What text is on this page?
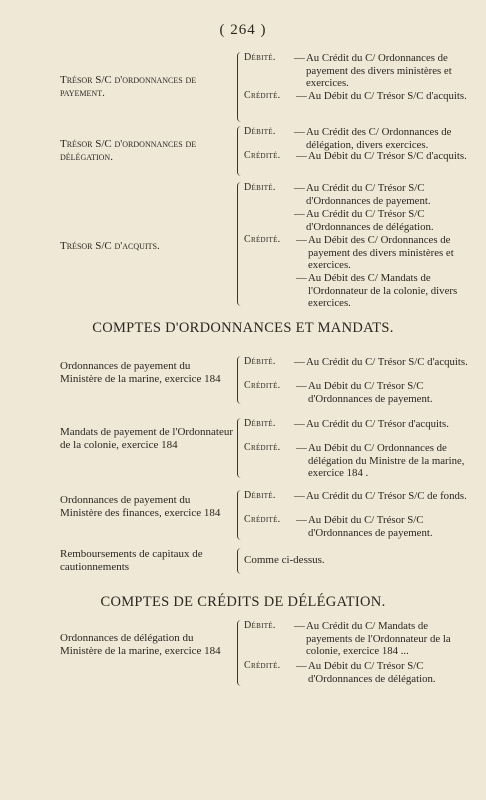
( 264 )
Trésor S/C d'ordonnances de payement.
Débité. — Au Crédit du C/ Ordonnances de payement des divers ministères et exercices.
Crédité. — Au Débit du C/ Trésor S/C d'acquits.
Trésor S/C d'ordonnances de délégation.
Débité. — Au Crédit des C/ Ordonnances de délégation, divers exercices.
Crédité. — Au Débit du C/ Trésor S/C d'acquits.
Trésor S/C d'acquits.
Débité. — Au Crédit du C/ Trésor S/C d'Ordonnances de payement.
— Au Crédit du C/ Trésor S/C d'Ordonnances de délégation.
Crédité. — Au Débit des C/ Ordonnances de payement des divers ministères et exercices.
— Au Débit des C/ Mandats de l'Ordonnateur de la colonie, divers exercices.
COMPTES D'ORDONNANCES ET MANDATS.
Ordonnances de payement du Ministère de la marine, exercice 184
Débité. — Au Crédit du C/ Trésor S/C d'acquits.
Crédité. — Au Débit du C/ Trésor S/C d'Ordonnances de payement.
Mandats de payement de l'Ordonnateur de la colonie, exercice 184
Débité. — Au Crédit du C/ Trésor d'acquits.
Crédité. — Au Débit du C/ Ordonnances de délégation du Ministre de la marine, exercice 184 .
Ordonnances de payement du Ministère des finances, exercice 184
Débité. — Au Crédit du C/ Trésor S/C de fonds.
Crédité. — Au Débit du C/ Trésor S/C d'Ordonnances de payement.
Remboursements de capitaux de cautionnements
Comme ci-dessus.
COMPTES DE CRÉDITS DE DÉLÉGATION.
Ordonnances de délégation du Ministère de la marine, exercice 184
Débité. — Au Crédit du C/ Mandats de payements de l'Ordonnateur de la colonie, exercice 184 ...
Crédité. — Au Débit du C/ Trésor S/C d'Ordonnances de délégation.
